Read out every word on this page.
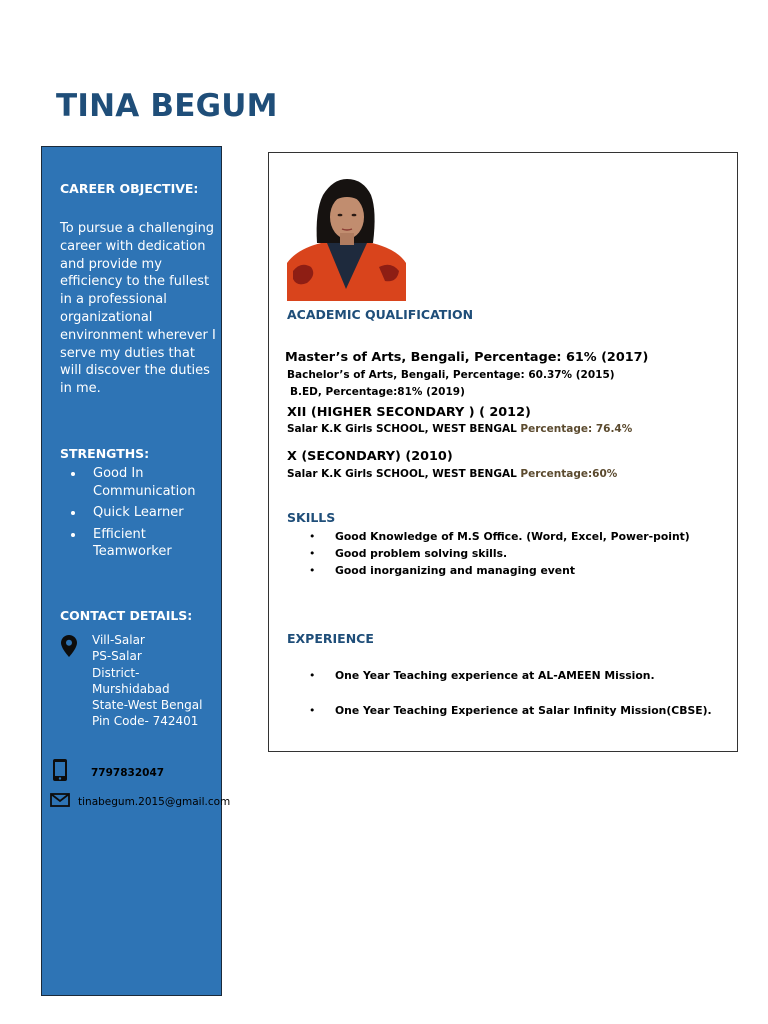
TINA BEGUM

CAREER OBJECTIVE:

To pursue a challenging career with dedication and provide my efficiency to the fullest in a professional organizational environment wherever I serve my duties that will discover the duties in me.

STRENGTHS:

Good In Communication
Quick Learner
Efficient Teamworker

CONTACT DETAILS:

Vill-Salar
PS-Salar
District-
Murshidabad
State-West Bengal
Pin Code- 742401
7797832047
tinabegum.2015@gmail.com

ACADEMIC QUALIFICATION

Master’s of Arts, Bengali, Percentage: 61% (2017)

Bachelor’s of Arts, Bengali, Percentage: 60.37% (2015)

B.ED, Percentage:81% (2019)

XII (HIGHER SECONDARY ) ( 2012)

Salar K.K Girls SCHOOL, WEST BENGAL Percentage: 76.4%

X (SECONDARY) (2010)

Salar K.K Girls SCHOOL, WEST BENGAL Percentage:60%

SKILLS

• Good Knowledge of M.S Office. (Word, Excel, Power-point)
• Good problem solving skills.
• Good inorganizing and managing event

EXPERIENCE

• One Year Teaching experience at AL-AMEEN Mission.
• One Year Teaching Experience at Salar Infinity Mission(CBSE).
